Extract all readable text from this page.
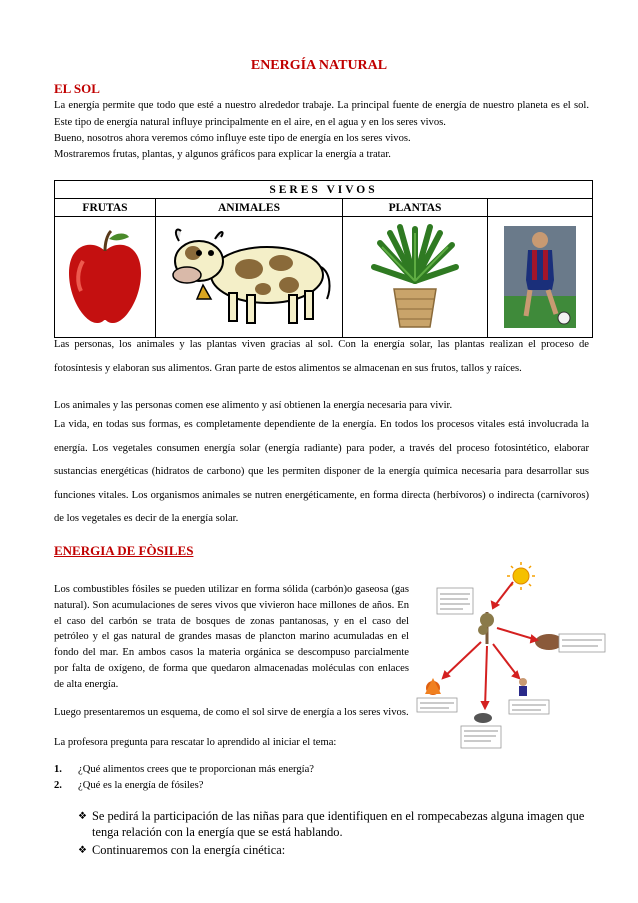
ENERGÍA NATURAL
EL SOL
La energía permite que todo que esté a nuestro alrededor trabaje. La principal fuente de energía de nuestro planeta es el sol. Este tipo de energía natural influye principalmente en el aire, en el agua y en los seres vivos.
Bueno, nosotros ahora veremos cómo influye este tipo de energía en los seres vivos.
Mostraremos frutas, plantas, y algunos gráficos para explicar la energía a tratar.
SERES VIVOS			
FRUTAS	ANIMALES	PLANTAS	

Las personas, los animales y las plantas viven gracias al sol. Con la energía solar, las plantas realizan el proceso de fotosíntesis y elaboran sus alimentos. Gran parte de estos alimentos se almacenan en sus frutos, tallos y raíces.
Los animales y las personas comen ese alimento y así obtienen la energía necesaria para vivir.
La vida, en todas sus formas, es completamente dependiente de la energía. En todos los procesos vitales está involucrada la energía. Los vegetales consumen energía solar (energía radiante) para poder, a través del proceso fotosintético, elaborar sustancias energéticas (hidratos de carbono) que les permiten disponer de la energía química necesaria para desarrollar sus funciones vitales. Los organismos animales se nutren energéticamente, en forma directa (herbívoros) o indirecta (carnívoros) de los vegetales es decir de la energía solar.
ENERGIA DE FÒSILES
Los combustibles fósiles se pueden utilizar en forma sólida (carbón)o gaseosa (gas natural). Son acumulaciones de seres vivos que vivieron hace millones de años. En el caso del carbón se trata de bosques de zonas pantanosas, y en el caso del petróleo y el gas natural de grandes masas de plancton marino acumuladas en el fondo del mar. En ambos casos la materia orgánica se descompuso parcialmente por falta de oxígeno, de forma que quedaron almacenadas moléculas con enlaces de alta energía.
Luego presentaremos un esquema, de como el sol sirve de energía a los seres vivos.
La profesora pregunta para rescatar lo aprendido al iniciar el tema:
1. ¿Qué alimentos crees que te proporcionan más energía?
2. ¿Qué es la energía de fósiles?
❖ Se pedirá la participación de las niñas para que identifiquen en el rompecabezas alguna imagen que tenga relación con la energía que se está hablando.
❖ Continuaremos con la energía cinética:
